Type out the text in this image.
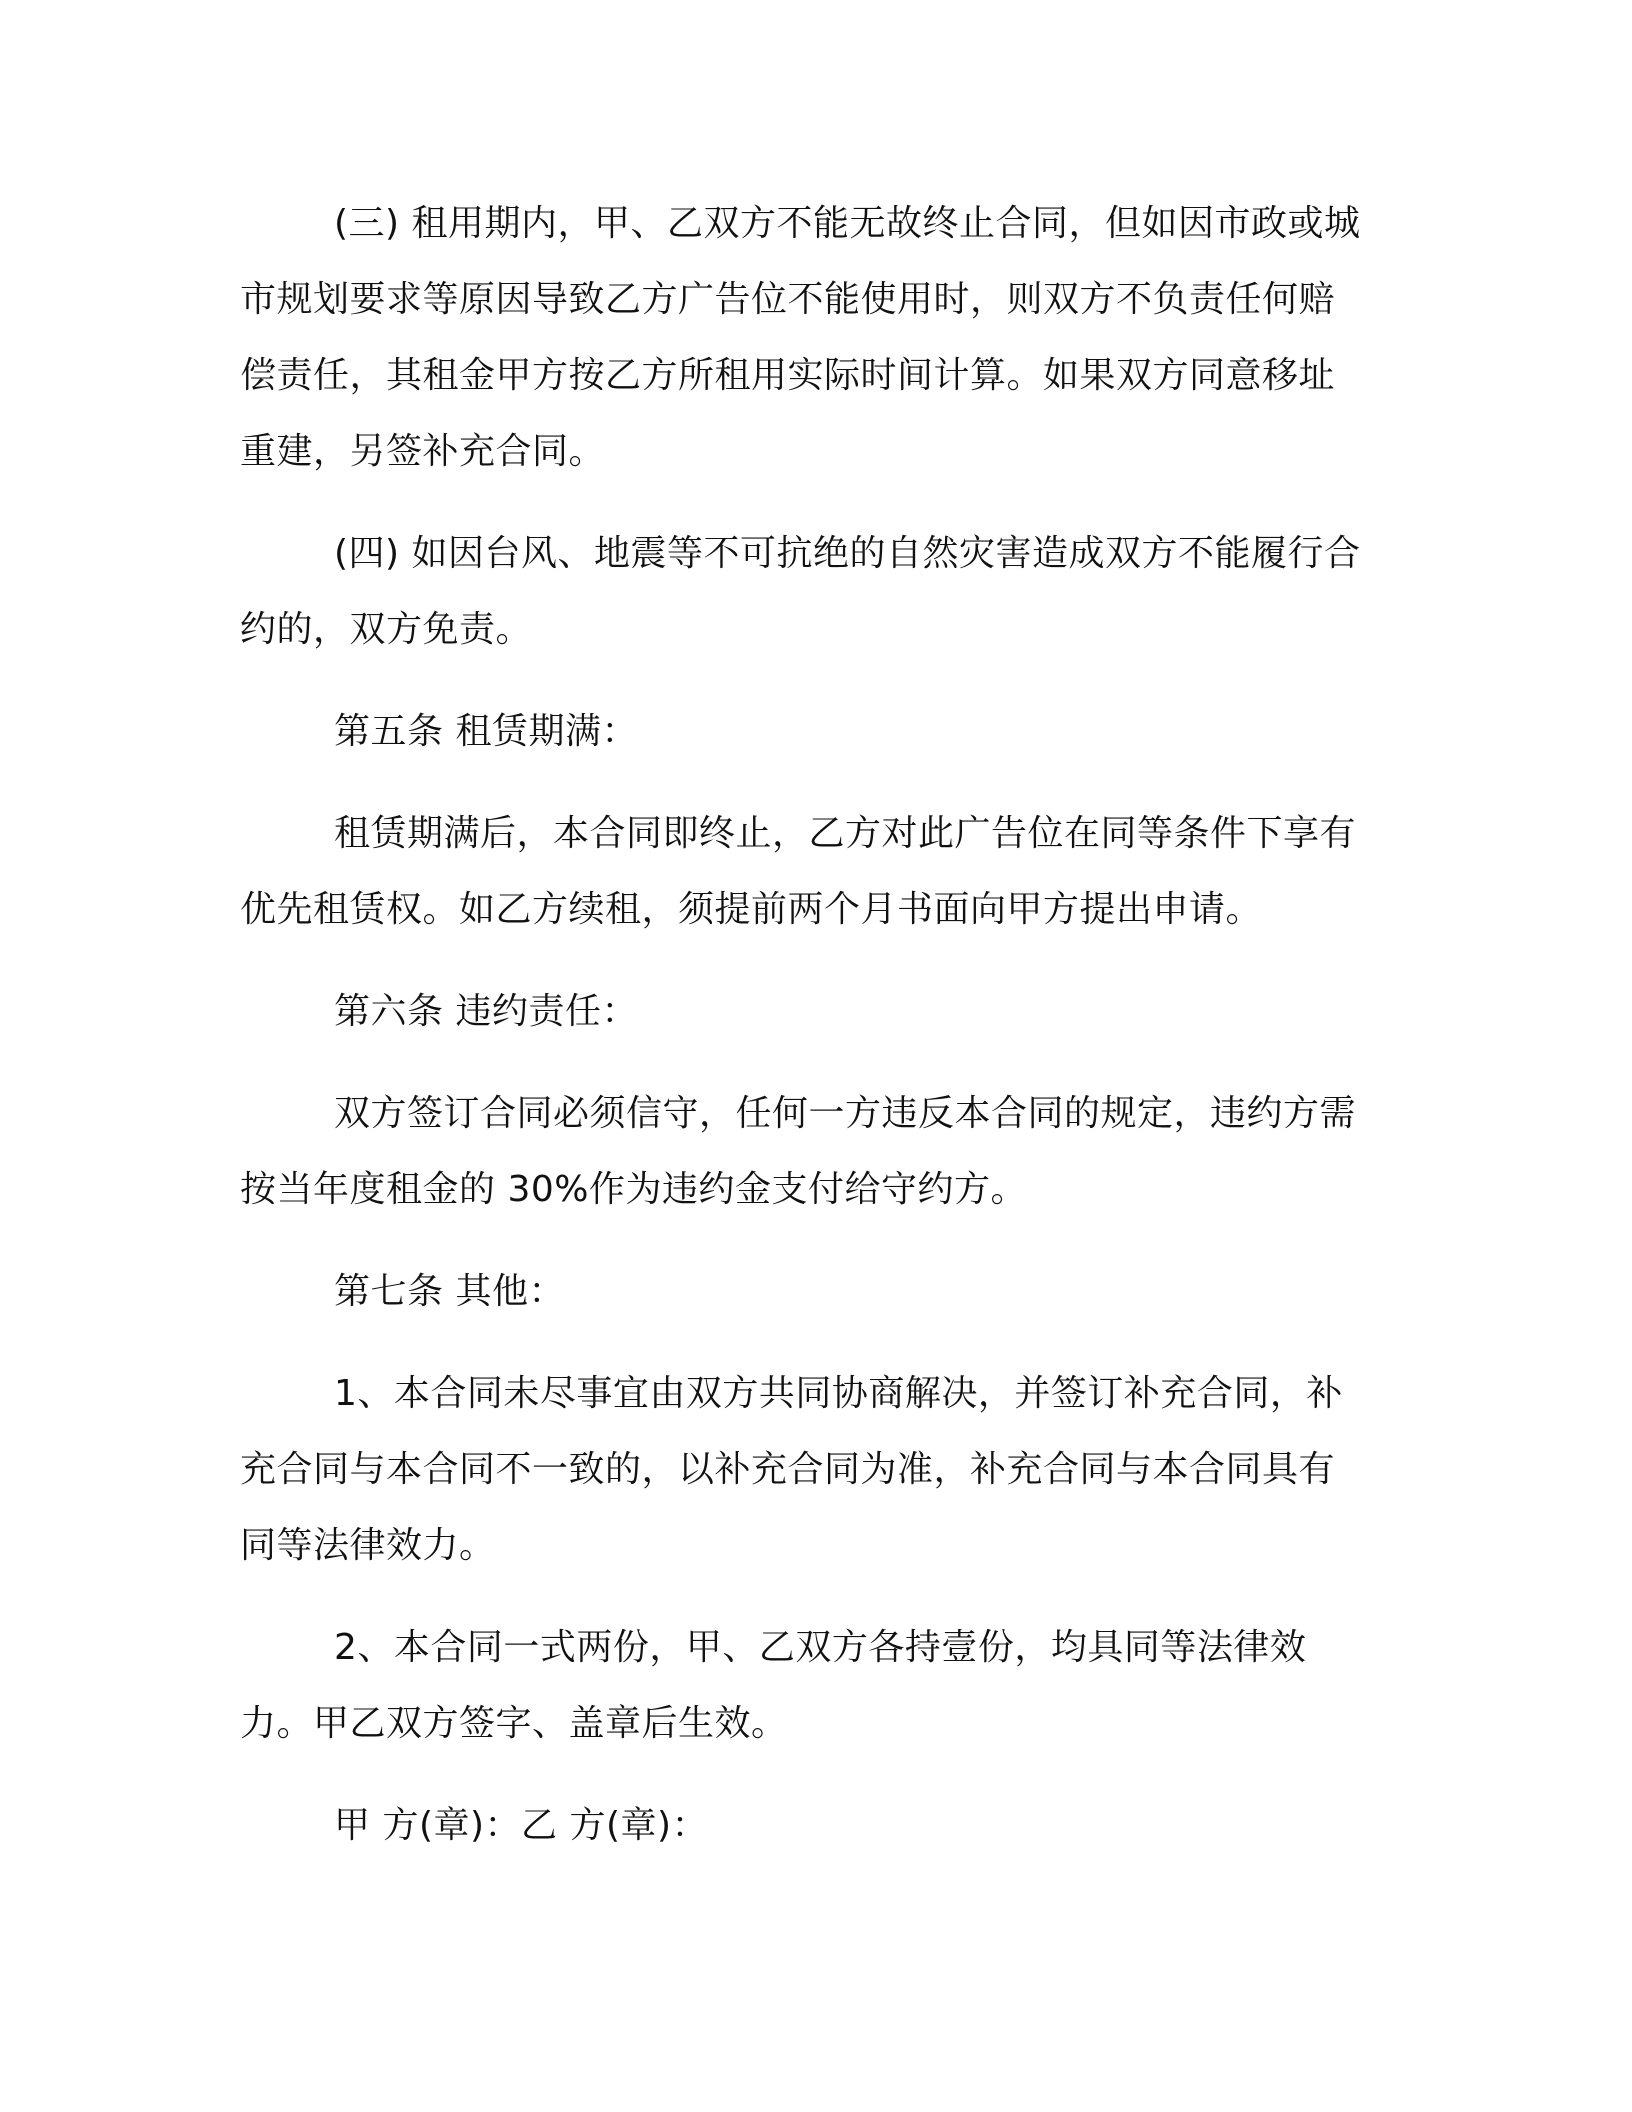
(三) 租用期内，甲、乙双方不能无故终止合同，但如因市政或城市规划要求等原因导致乙方广告位不能使用时，则双方不负责任何赔偿责任，其租金甲方按乙方所租用实际时间计算。如果双方同意移址重建，另签补充合同。

(四) 如因台风、地震等不可抗绝的自然灾害造成双方不能履行合约的，双方免责。

第五条 租赁期满：

租赁期满后，本合同即终止，乙方对此广告位在同等条件下享有优先租赁权。如乙方续租，须提前两个月书面向甲方提出申请。

第六条 违约责任：

双方签订合同必须信守，任何一方违反本合同的规定，违约方需按当年度租金的 30%作为违约金支付给守约方。

第七条 其他：

1、本合同未尽事宜由双方共同协商解决，并签订补充合同，补充合同与本合同不一致的，以补充合同为准，补充合同与本合同具有同等法律效力。

2、本合同一式两份，甲、乙双方各持壹份，均具同等法律效力。甲乙双方签字、盖章后生效。

甲 方(章)：乙 方(章)：
